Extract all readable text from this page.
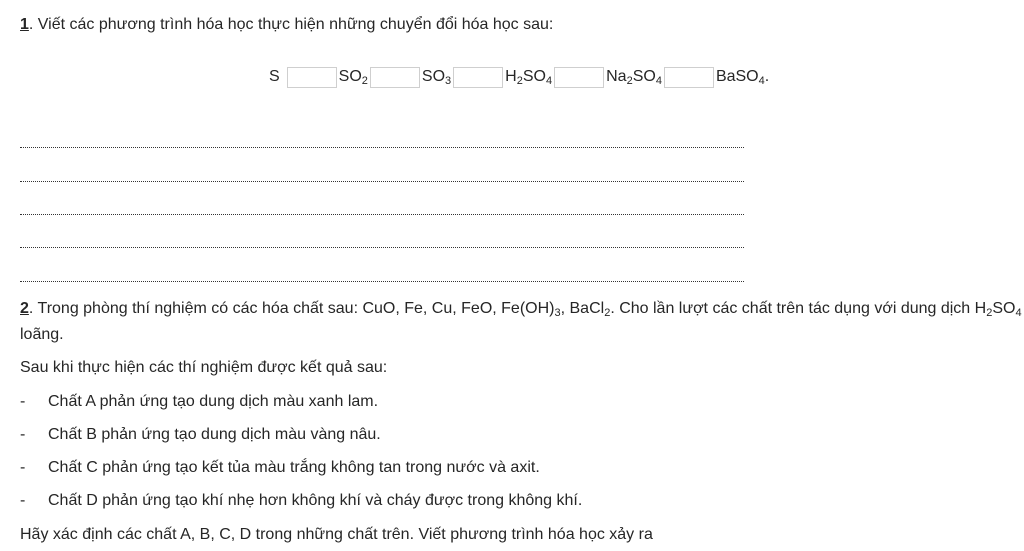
1. Viết các phương trình hóa học thực hiện những chuyển đổi hóa học sau:
S	$SO_2$	$SO_3$	$H_2SO_4$	$Na_2SO_4$	BaSO$_4$.
2. Trong phòng thí nghiệm có các hóa chất sau: CuO, Fe, Cu, FeO, $Fe(OH)_3$, BaCl$_2$. Cho lần lượt các chất trên tác dụng với dung dịch $H_2SO_4$
loãng.
Sau khi thực hiện các thí nghiệm được kết quả sau:
- Chất A phản ứng tạo dung dịch màu xanh lam.
- Chất B phản ứng tạo dung dịch màu vàng nâu.
- Chất C phản ứng tạo kết tủa màu trắng không tan trong nước và axit.
- Chất D phản ứng tạo khí nhẹ hơn không khí và cháy được trong không khí.
Hãy xác định các chất A, B, C, D trong những chất trên. Viết phương trình hóa học xảy ra
